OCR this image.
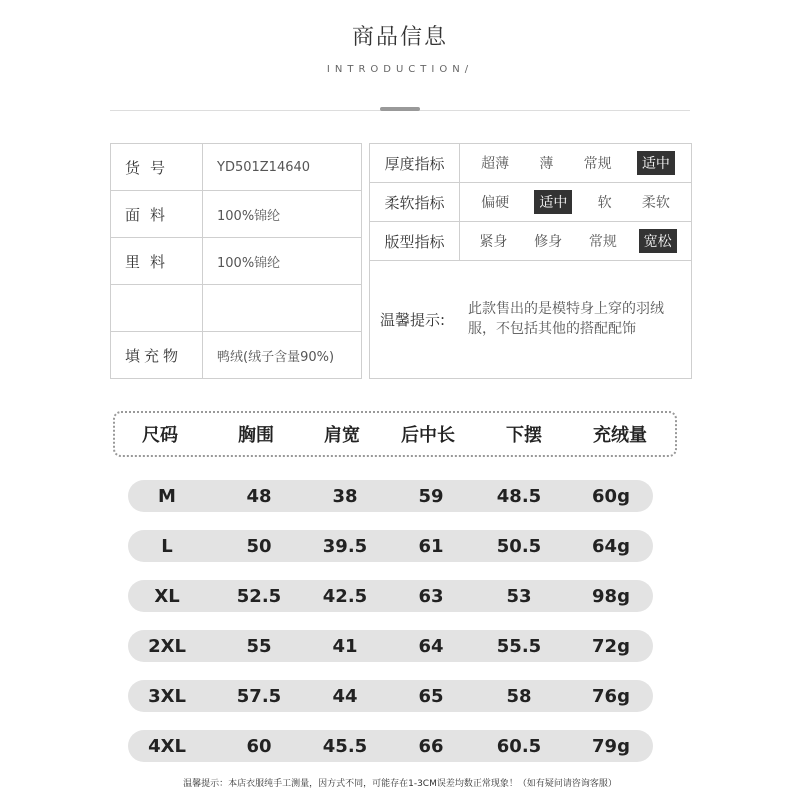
商品信息
INTRODUCTION/
货号	YD501Z14640
面料	100%锦纶
里料	100%锦纶
填充物	鸭绒(绒子含量90%)
厚度指标	超薄	薄	常规	适中
柔软指标	偏硬	适中	软	柔软
版型指标	紧身	修身	常规	宽松
温馨提示:
此款售出的是模特身上穿的羽绒服，不包括其他的搭配配饰
尺码	胸围	肩宽	后中长	下摆	充绒量
M	48	38	59	48.5	60g
L	50	39.5	61	50.5	64g
XL	52.5	42.5	63	53	98g
2XL	55	41	64	55.5	72g
3XL	57.5	44	65	58	76g
4XL	60	45.5	66	60.5	79g
温馨提示：本店衣服纯手工测量，因方式不同，可能存在1-3CM误差均数正常现象！（如有疑问请咨询客服）
